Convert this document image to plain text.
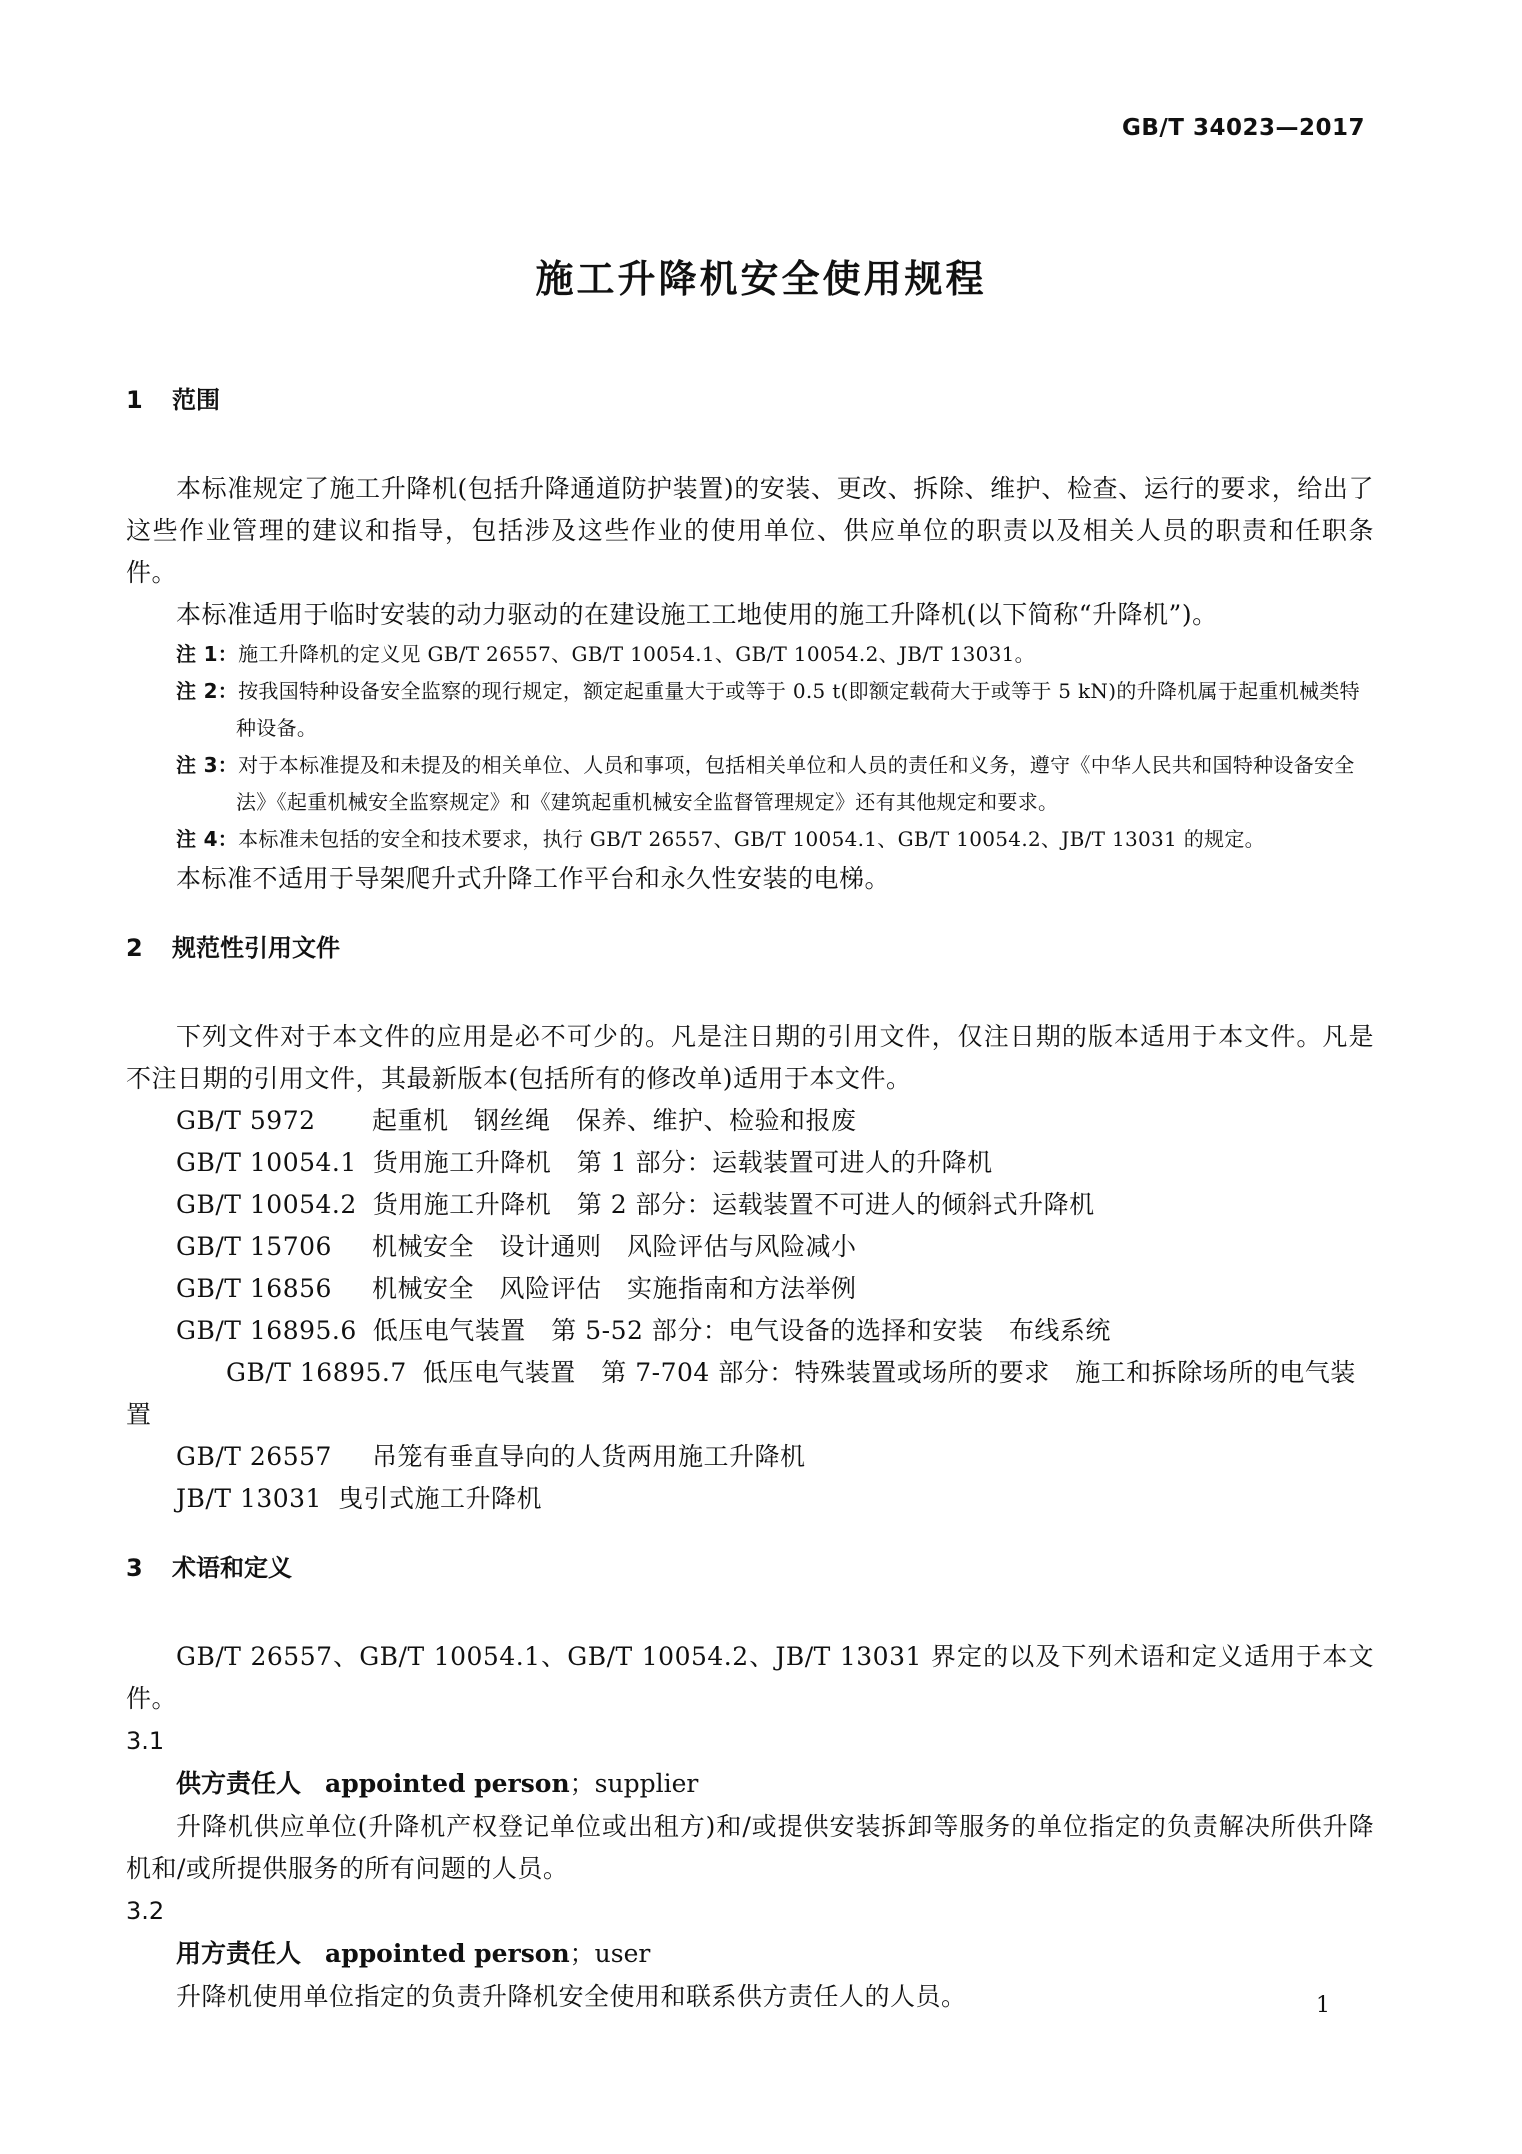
GB/T 34023—2017
施工升降机安全使用规程
1 范围

本标准规定了施工升降机(包括升降通道防护装置)的安装、更改、拆除、维护、检查、运行的要求，给出了这些作业管理的建议和指导，包括涉及这些作业的使用单位、供应单位的职责以及相关人员的职责和任职条件。

本标准适用于临时安装的动力驱动的在建设施工工地使用的施工升降机(以下简称“升降机”)。

注 1：施工升降机的定义见 GB/T 26557、GB/T 10054.1、GB/T 10054.2、JB/T 13031。

注 2：按我国特种设备安全监察的现行规定，额定起重量大于或等于 0.5 t(即额定载荷大于或等于 5 kN)的升降机属于起重机械类特种设备。

注 3：对于本标准提及和未提及的相关单位、人员和事项，包括相关单位和人员的责任和义务，遵守《中华人民共和国特种设备安全法》《起重机械安全监察规定》和《建筑起重机械安全监督管理规定》还有其他规定和要求。

注 4：本标准未包括的安全和技术要求，执行 GB/T 26557、GB/T 10054.1、GB/T 10054.2、JB/T 13031 的规定。

本标准不适用于导架爬升式升降工作平台和永久性安装的电梯。

2 规范性引用文件

下列文件对于本文件的应用是必不可少的。凡是注日期的引用文件，仅注日期的版本适用于本文件。凡是不注日期的引用文件，其最新版本(包括所有的修改单)适用于本文件。

GB/T 5972 起重机　钢丝绳　保养、维护、检验和报废

GB/T 10054.1 货用施工升降机　第 1 部分：运载装置可进人的升降机

GB/T 10054.2 货用施工升降机　第 2 部分：运载装置不可进人的倾斜式升降机

GB/T 15706 机械安全　设计通则　风险评估与风险减小

GB/T 16856 机械安全　风险评估　实施指南和方法举例

GB/T 16895.6 低压电气装置　第 5-52 部分：电气设备的选择和安装　布线系统

GB/T 16895.7 低压电气装置　第 7-704 部分：特殊装置或场所的要求　施工和拆除场所的电气装置

GB/T 26557 吊笼有垂直导向的人货两用施工升降机

JB/T 13031 曳引式施工升降机

3 术语和定义

GB/T 26557、GB/T 10054.1、GB/T 10054.2、JB/T 13031 界定的以及下列术语和定义适用于本文件。

3.1

供方责任人 appointed person；supplier

升降机供应单位(升降机产权登记单位或出租方)和/或提供安装拆卸等服务的单位指定的负责解决所供升降机和/或所提供服务的所有问题的人员。

3.2

用方责任人 appointed person；user

升降机使用单位指定的负责升降机安全使用和联系供方责任人的人员。	1
